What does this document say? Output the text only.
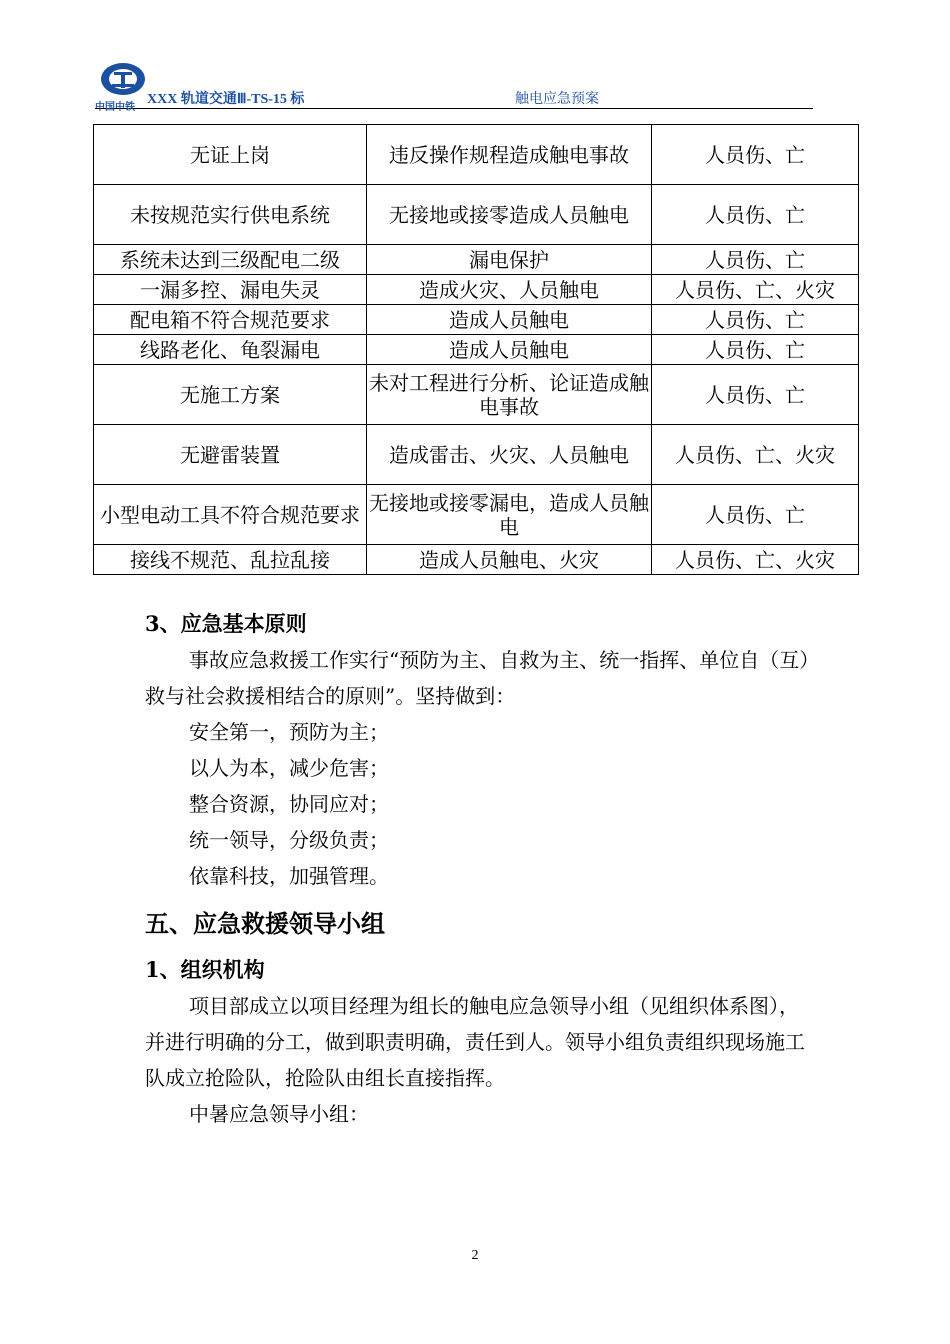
中国中铁
XXX 轨道交通Ⅲ-TS-15 标	触电应急预案
无证上岗	违反操作规程造成触电事故	人员伤、亡
未按规范实行供电系统	无接地或接零造成人员触电	人员伤、亡
系统未达到三级配电二级	漏电保护	人员伤、亡
一漏多控、漏电失灵	造成火灾、人员触电	人员伤、亡、火灾
配电箱不符合规范要求	造成人员触电	人员伤、亡
线路老化、龟裂漏电	造成人员触电	人员伤、亡
无施工方案	未对工程进行分析、论证造成触电事故	人员伤、亡
无避雷装置	造成雷击、火灾、人员触电	人员伤、亡、火灾
小型电动工具不符合规范要求	无接地或接零漏电，造成人员触电	人员伤、亡
接线不规范、乱拉乱接	造成人员触电、火灾	人员伤、亡、火灾
3、应急基本原则

事故应急救援工作实行“预防为主、自救为主、统一指挥、单位自（互）救与社会救援相结合的原则”。坚持做到：

安全第一，预防为主；

以人为本，减少危害；

整合资源，协同应对；

统一领导，分级负责；

依靠科技，加强管理。

五、应急救援领导小组
1、组织机构

项目部成立以项目经理为组长的触电应急领导小组（见组织体系图），并进行明确的分工，做到职责明确，责任到人。领导小组负责组织现场施工队成立抢险队，抢险队由组长直接指挥。

中暑应急领导小组：

2
